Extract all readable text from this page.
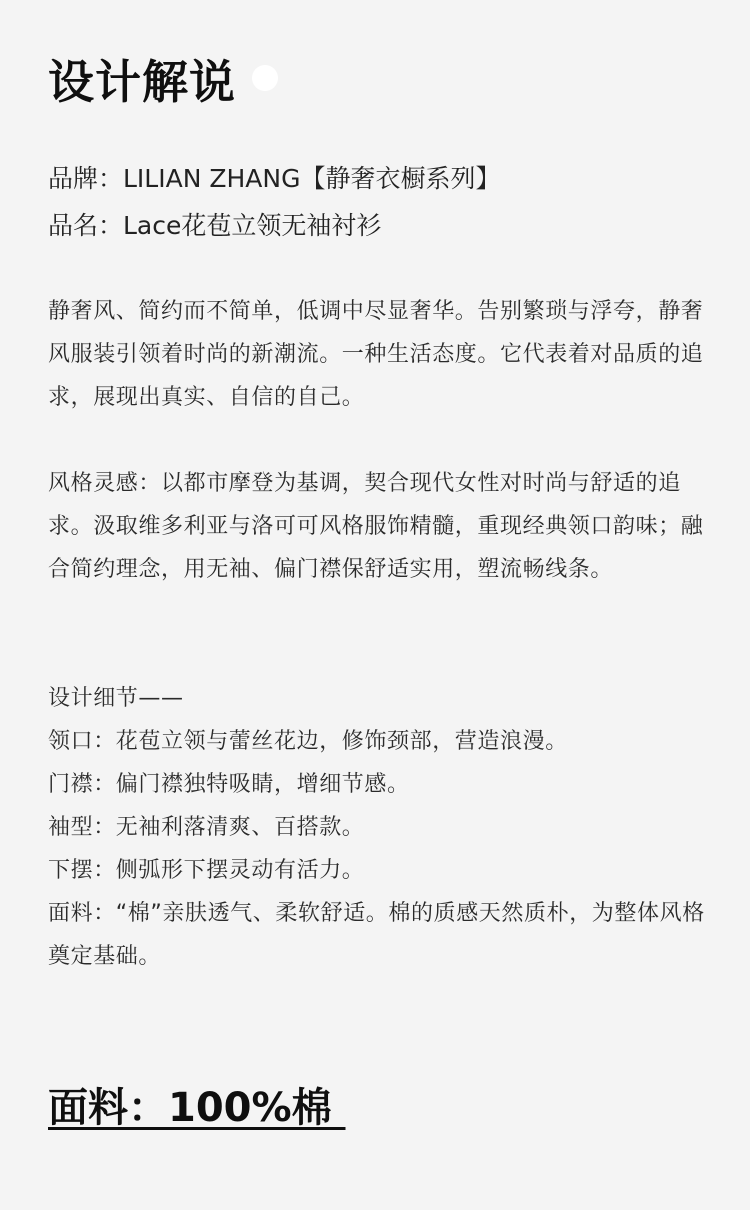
设计解说
品牌：LILIAN ZHANG【静奢衣橱系列】
品名：Lace花苞立领无袖衬衫
静奢风、简约而不简单，低调中尽显奢华。告别繁琐与浮夸，静奢风服装引领着时尚的新潮流。一种生活态度。它代表着对品质的追求，展现出真实、自信的自己。
风格灵感：以都市摩登为基调，契合现代女性对时尚与舒适的追求。汲取维多利亚与洛可可风格服饰精髓，重现经典领口韵味；融合简约理念，用无袖、偏门襟保舒适实用，塑流畅线条。

设计细节——

领口：花苞立领与蕾丝花边，修饰颈部，营造浪漫。

门襟：偏门襟独特吸睛，增细节感。

袖型：无袖利落清爽、百搭款。

下摆：侧弧形下摆灵动有活力。

面料：“棉”亲肤透气、柔软舒适。棉的质感天然质朴，为整体风格奠定基础。

面料：100%棉
